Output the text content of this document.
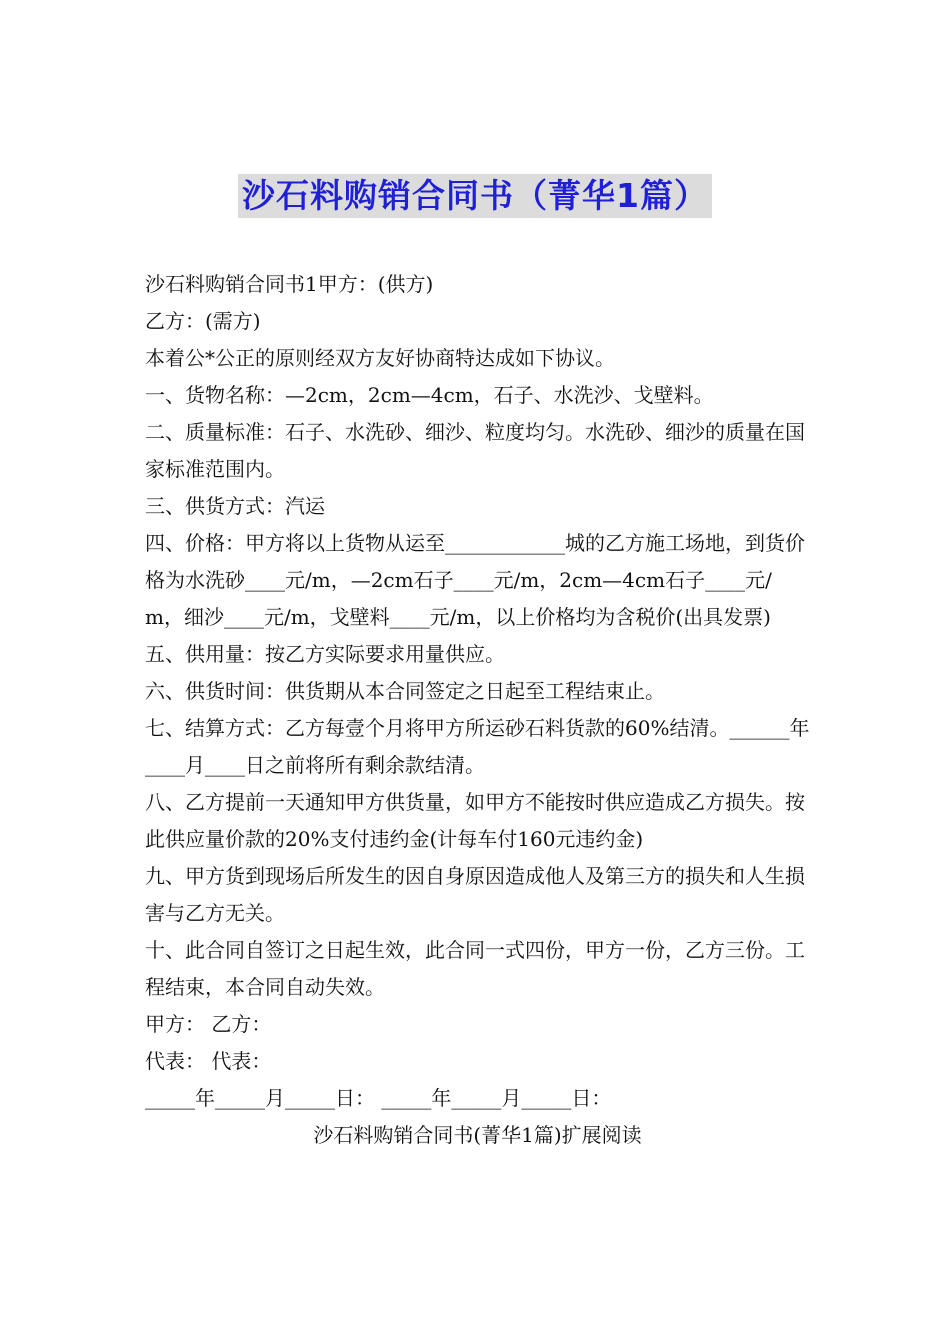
沙石料购销合同书（菁华1篇）

沙石料购销合同书1甲方：(供方)

乙方：(需方)

本着公*公正的原则经双方友好协商特达成如下协议。

一、货物名称：—2cm，2cm—4cm，石子、水洗沙、戈壁料。

二、质量标准：石子、水洗砂、细沙、粒度均匀。水洗砂、细沙的质量在国家标准范围内。

三、供货方式：汽运

四、价格：甲方将以上货物从运至____________城的乙方施工场地，到货价格为水洗砂____元/m，—2cm石子____元/m，2cm—4cm石子____元/m，细沙____元/m，戈壁料____元/m，以上价格均为含税价(出具发票)

五、供用量：按乙方实际要求用量供应。

六、供货时间：供货期从本合同签定之日起至工程结束止。

七、结算方式：乙方每壹个月将甲方所运砂石料货款的60%结清。______年____月____日之前将所有剩余款结清。

八、乙方提前一天通知甲方供货量，如甲方不能按时供应造成乙方损失。按此供应量价款的20%支付违约金(计每车付160元违约金)

九、甲方货到现场后所发生的因自身原因造成他人及第三方的损失和人生损害与乙方无关。

十、此合同自签订之日起生效，此合同一式四份，甲方一份，乙方三份。工程结束，本合同自动失效。

甲方： 乙方：

代表： 代表：

_____年_____月_____日： _____年_____月_____日：

沙石料购销合同书(菁华1篇)扩展阅读
